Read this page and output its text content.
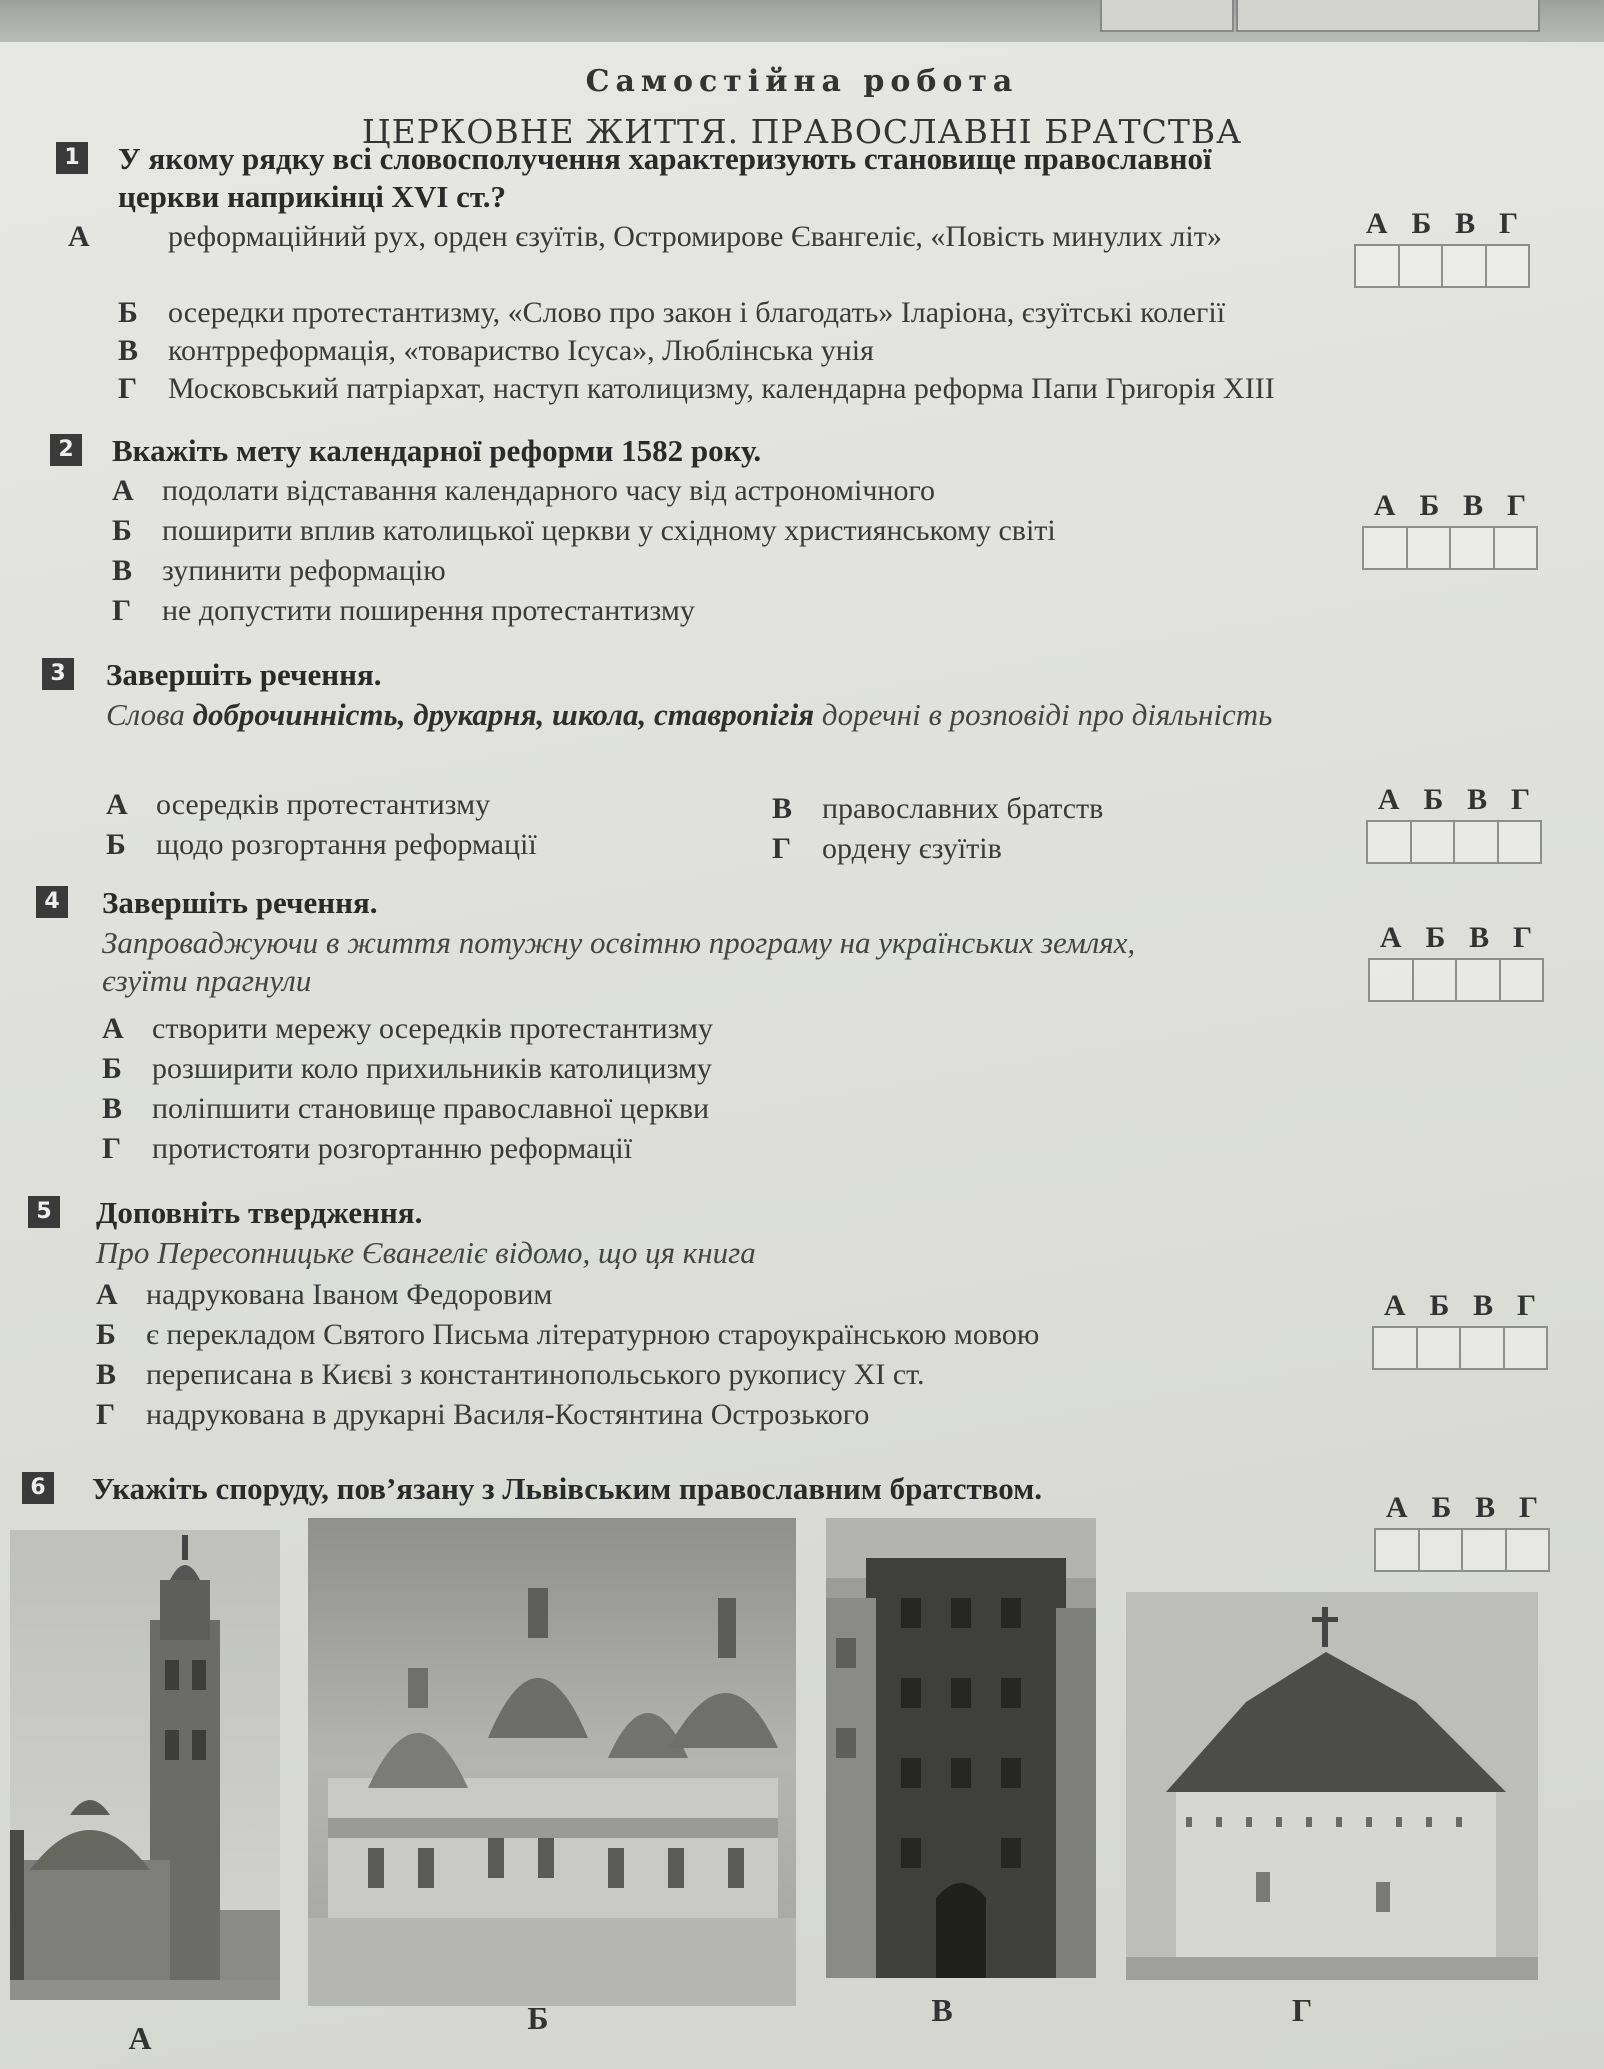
Самостійна робота
ЦЕРКОВНЕ ЖИТТЯ. ПРАВОСЛАВНІ БРАТСТВА
1 У якому рядку всі словосполучення характеризують становище православної церкви наприкінці XVI ст.?
А	реформаційний рух, орден єзуїтів, Остромирове Євангеліє, «Повість минулих літ»
Б осередки протестантизму, «Слово про закон і благодать» Іларіона, єзуїтські колегії
В контрреформація, «товариство Ісуса», Люблінська унія
Г Московський патріархат, наступ католицизму, календарна реформа Папи Григорія XIII
А Б В Г
2 Вкажіть мету календарної реформи 1582 року.
А подолати відставання календарного часу від астрономічного
Б поширити вплив католицької церкви у східному християнському світі
В зупинити реформацію
Г не допустити поширення протестантизму
А Б В Г
3 Завершіть речення.
Слова доброчинність, друкарня, школа, ставропігія доречні в розповіді про діяльність
А осередків протестантизму
Б щодо розгортання реформації
В православних братств
Г ордену єзуїтів
А Б В Г
4 Завершіть речення.
Запроваджуючи в життя потужну освітню програму на українських землях, єзуїти прагнули
А створити мережу осередків протестантизму
Б розширити коло прихильників католицизму
В поліпшити становище православної церкви
Г протистояти розгортанню реформації
А Б В Г
5 Доповніть твердження.
Про Пересопницьке Євангеліє відомо, що ця книга
А надрукована Іваном Федоровим
Б є перекладом Святого Письма літературною староукраїнською мовою
В переписана в Києві з константинопольського рукопису XI ст.
Г надрукована в друкарні Василя-Костянтина Острозького
А Б В Г
6 Укажіть споруду, пов’язану з Львівським православним братством.
А Б В Г
А
Б	В	Г
